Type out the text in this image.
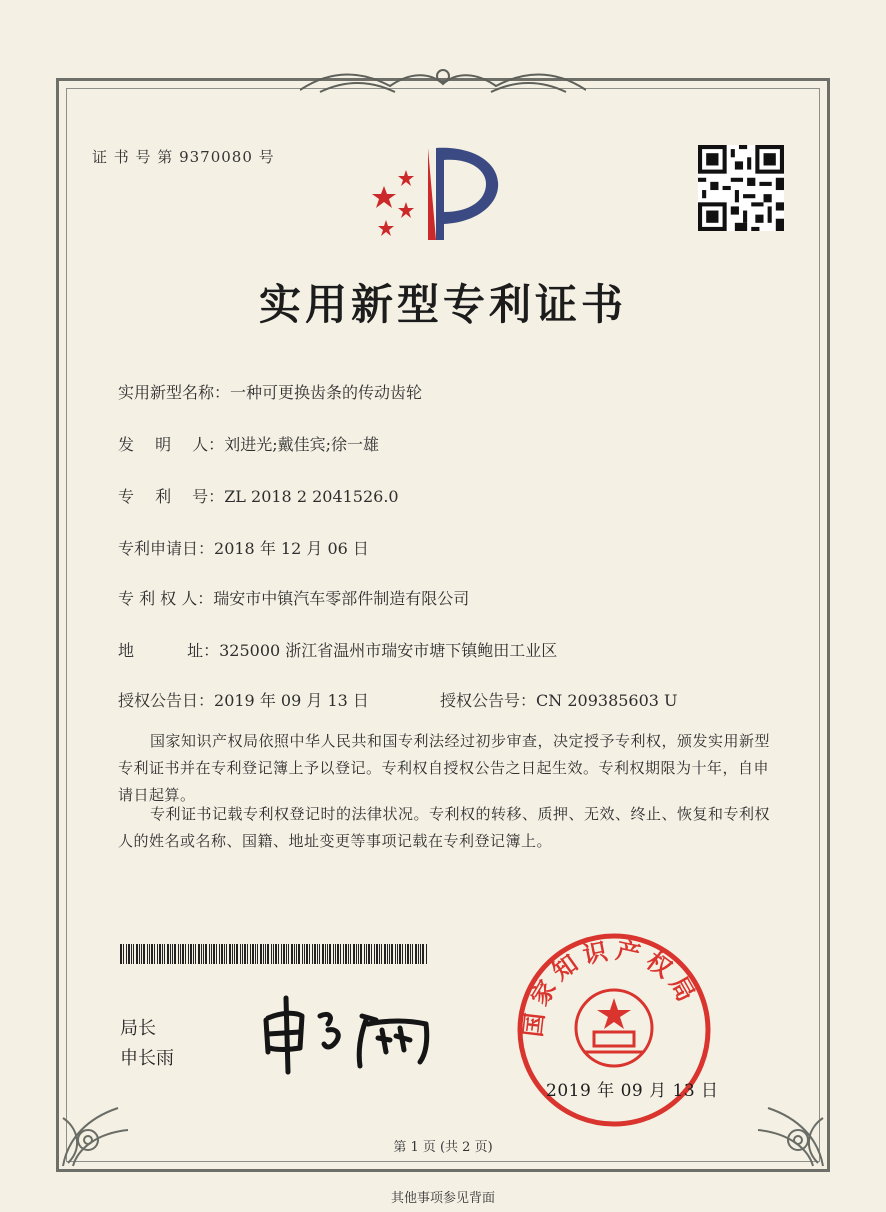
证 书 号 第 9370080 号
实用新型专利证书
实用新型名称：一种可更换齿条的传动齿轮
发　 明　 人：刘进光;戴佳宾;徐一雄
专　 利　 号：ZL 2018 2 2041526.0
专利申请日：2018 年 12 月 06 日
专 利 权 人：瑞安市中镇汽车零部件制造有限公司
地　　　 址：325000 浙江省温州市瑞安市塘下镇鲍田工业区
授权公告日：2019 年 09 月 13 日	授权公告号：CN 209385603 U
国家知识产权局依照中华人民共和国专利法经过初步审查，决定授予专利权，颁发实用新型专利证书并在专利登记簿上予以登记。专利权自授权公告之日起生效。专利权期限为十年，自申请日起算。
专利证书记载专利权登记时的法律状况。专利权的转移、质押、无效、终止、恢复和专利权人的姓名或名称、国籍、地址变更等事项记载在专利登记簿上。
局长
申长雨
国家知识产权局
2019 年 09 月 13 日
第 1 页 (共 2 页)
其他事项参见背面
